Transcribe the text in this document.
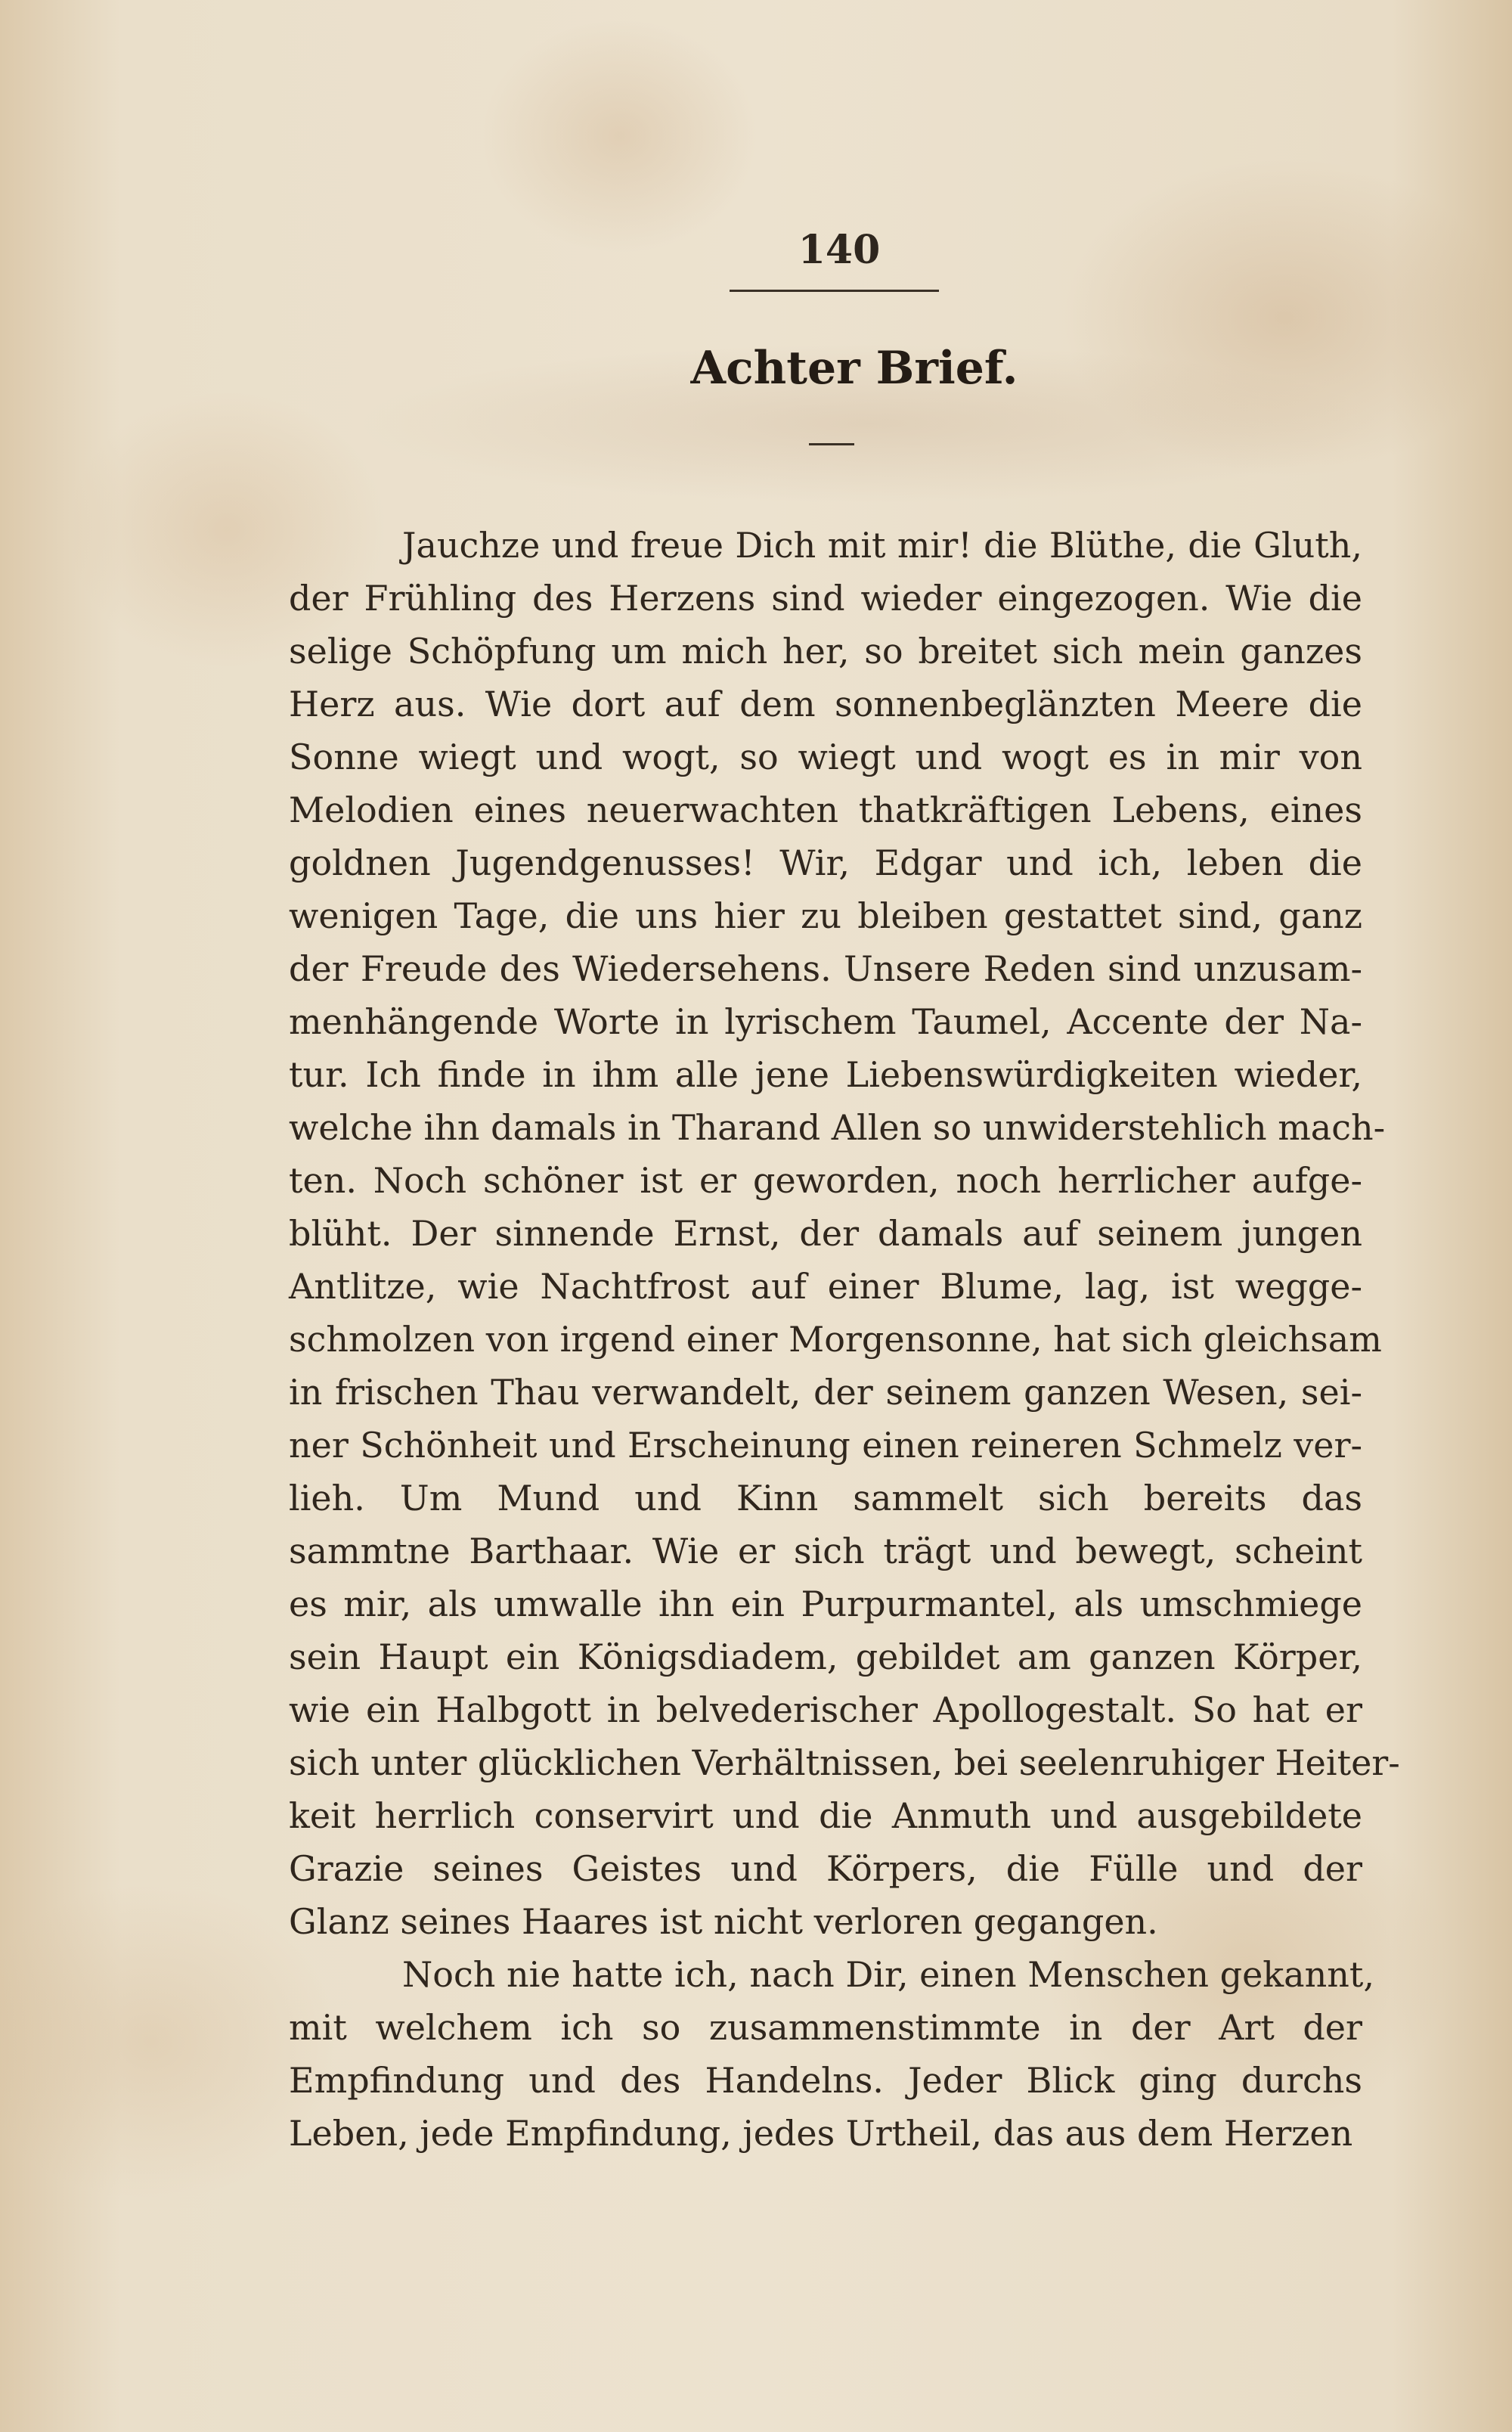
140
Achter Brief.
Jauchze und freue Dich mit mir! die Blüthe, die Gluth,
der Frühling des Herzens sind wieder eingezogen. Wie die
selige Schöpfung um mich her, so breitet sich mein ganzes
Herz aus. Wie dort auf dem sonnenbeglänzten Meere die
Sonne wiegt und wogt, so wiegt und wogt es in mir von
Melodien eines neuerwachten thatkräftigen Lebens, eines
goldnen Jugendgenusses! Wir, Edgar und ich, leben die
wenigen Tage, die uns hier zu bleiben gestattet sind, ganz
der Freude des Wiedersehens. Unsere Reden sind unzusam-
menhängende Worte in lyrischem Taumel, Accente der Na-
tur. Ich finde in ihm alle jene Liebenswürdigkeiten wieder,
welche ihn damals in Tharand Allen so unwiderstehlich mach-
ten. Noch schöner ist er geworden, noch herrlicher aufge-
blüht. Der sinnende Ernst, der damals auf seinem jungen
Antlitze, wie Nachtfrost auf einer Blume, lag, ist wegge-
schmolzen von irgend einer Morgensonne, hat sich gleichsam
in frischen Thau verwandelt, der seinem ganzen Wesen, sei-
ner Schönheit und Erscheinung einen reineren Schmelz ver-
lieh. Um Mund und Kinn sammelt sich bereits das
sammtne Barthaar. Wie er sich trägt und bewegt, scheint
es mir, als umwalle ihn ein Purpurmantel, als umschmiege
sein Haupt ein Königsdiadem, gebildet am ganzen Körper,
wie ein Halbgott in belvederischer Apollogestalt. So hat er
sich unter glücklichen Verhältnissen, bei seelenruhiger Heiter-
keit herrlich conservirt und die Anmuth und ausgebildete
Grazie seines Geistes und Körpers, die Fülle und der
Glanz seines Haares ist nicht verloren gegangen.
Noch nie hatte ich, nach Dir, einen Menschen gekannt,
mit welchem ich so zusammenstimmte in der Art der
Empfindung und des Handelns. Jeder Blick ging durchs
Leben, jede Empfindung, jedes Urtheil, das aus dem Herzen
